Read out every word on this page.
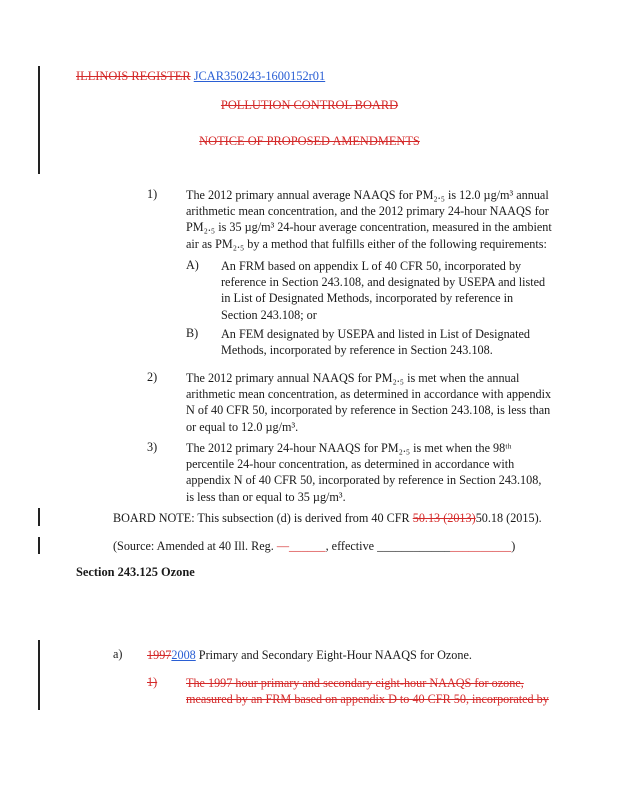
ILLINOIS REGISTER JCAR350243-1600152r01
POLLUTION CONTROL BOARD
NOTICE OF PROPOSED AMENDMENTS
1) The 2012 primary annual average NAAQS for PM₂.₅ is 12.0 µg/m³ annual
arithmetic mean concentration, and the 2012 primary 24-hour NAAQS for
PM₂.₅ is 35 µg/m³ 24-hour average concentration, measured in the ambient
air as PM₂.₅ by a method that fulfills either of the following requirements:
A) An FRM based on appendix L of 40 CFR 50, incorporated by
reference in Section 243.108, and designated by USEPA and listed
in List of Designated Methods, incorporated by reference in
Section 243.108; or
B) An FEM designated by USEPA and listed in List of Designated
Methods, incorporated by reference in Section 243.108.
2) The 2012 primary annual NAAQS for PM₂.₅ is met when the annual
arithmetic mean concentration, as determined in accordance with appendix
N of 40 CFR 50, incorporated by reference in Section 243.108, is less than
or equal to 12.0 µg/m³.
3) The 2012 primary 24-hour NAAQS for PM₂.₅ is met when the 98ᵗʰ
percentile 24-hour concentration, as determined in accordance with
appendix N of 40 CFR 50, incorporated by reference in Section 243.108,
is less than or equal to 35 µg/m³.
BOARD NOTE: This subsection (d) is derived from 40 CFR 50.13 (2013)50.18 (2015).
(Source: Amended at 40 Ill. Reg. —______, effective ______________________)
Section 243.125 Ozone
a) 19972008 Primary and Secondary Eight-Hour NAAQS for Ozone.
1) The 1997 hour primary and secondary eight-hour NAAQS for ozone,
measured by an FRM based on appendix D to 40 CFR 50, incorporated by
